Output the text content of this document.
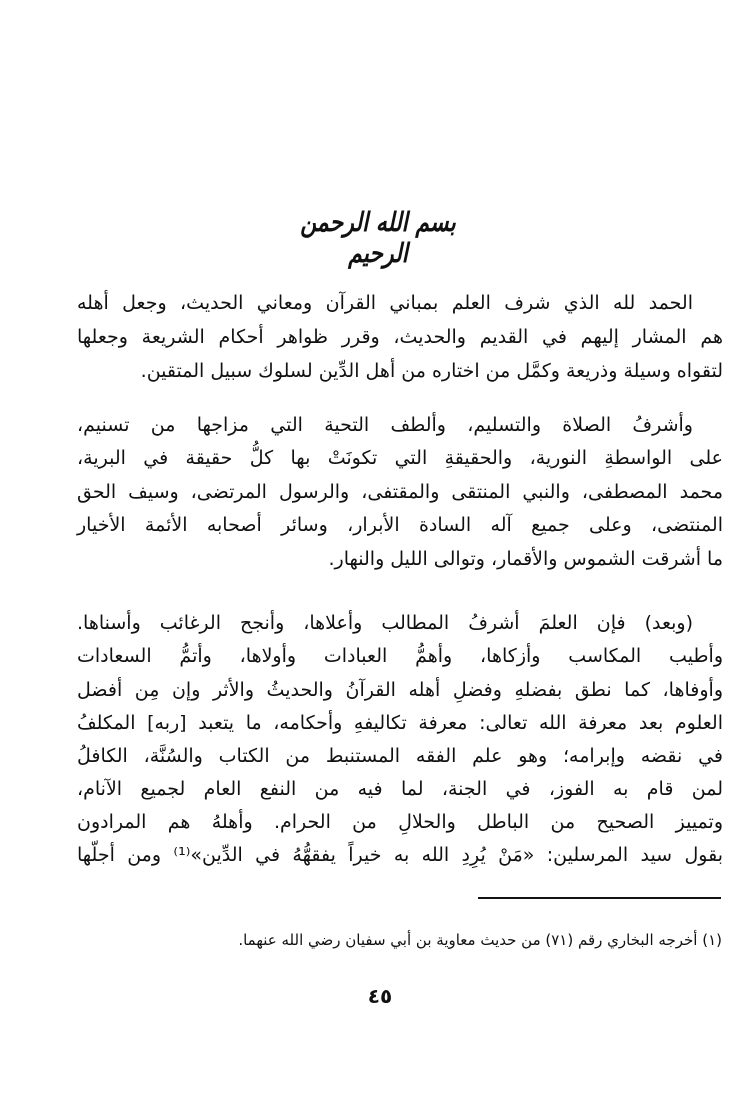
بسم الله الرحمن الرحيم
الحمد لله الذي شرف العلم بمباني القرآن ومعاني الحديث، وجعل أهله
هم المشار إليهم في القديم والحديث، وقرر ظواهر أحكام الشريعة وجعلها
لتقواه وسيلة وذريعة وكمَّل من اختاره من أهل الدِّين لسلوك سبيل المتقين.
وأشرفُ الصلاة والتسليم، وألطف التحية التي مزاجها من تسنيم،
على الواسطةِ النورية، والحقيقةِ التي تكونَتْ بها كلُّ حقيقة في البرية،
محمد المصطفى، والنبي المنتقى والمقتفى، والرسول المرتضى، وسيف الحق
المنتضى، وعلى جميع آله السادة الأبرار، وسائر أصحابه الأئمة الأخيار
ما أشرقت الشموس والأقمار، وتوالى الليل والنهار.
(وبعد) فإن العلمَ أشرفُ المطالب وأعلاها، وأنجح الرغائب وأسناها.
وأطيب المكاسب وأزكاها، وأهمُّ العبادات وأولاها، وأتمُّ السعادات
وأوفاها، كما نطق بفضلهِ وفضلِ أهله القرآنُ والحديثُ والأثر وإن مِن أفضل
العلوم بعد معرفة الله تعالى: معرفة تكاليفهِ وأحكامه، ما يتعبد [ربه] المكلفُ
في نقضه وإبرامه؛ وهو علم الفقه المستنبط من الكتاب والسُنَّة، الكافلُ
لمن قام به الفوز، في الجنة، لما فيه من النفع العام لجميع الآنام،
وتمييز الصحيح من الباطل والحلالِ من الحرام. وأهلهُ هم المرادون
بقول سيد المرسلين: «مَنْ يُرِدِ الله به خيراً يفقهُّهُ في الدِّين»⁽¹⁾ ومن أجلّها
(١) أخرجه البخاري رقم (٧١) من حديث معاوية بن أبي سفيان رضي الله عنهما.
٤٥
